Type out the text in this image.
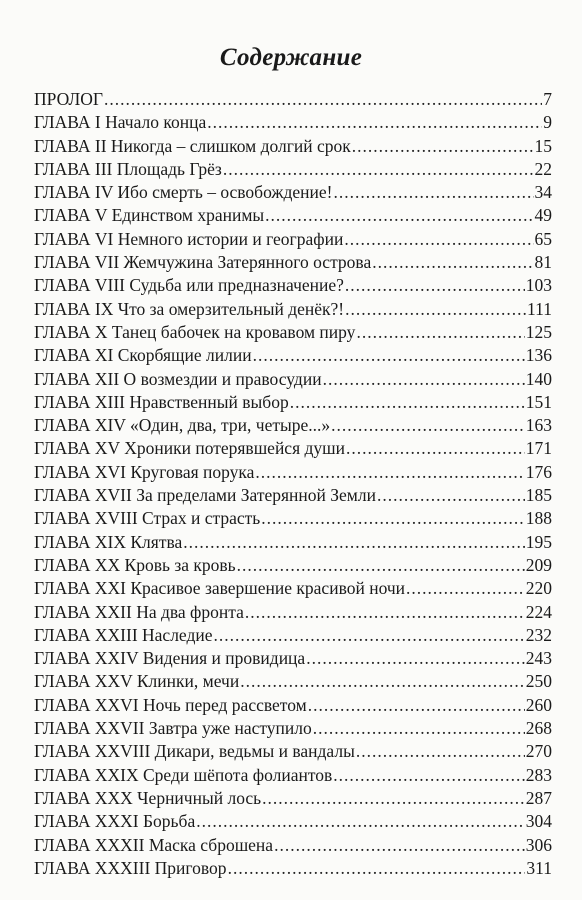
Содержание
ПРОЛОГ .....	7
ГЛАВА I Начало конца .....	9
ГЛАВА II Никогда – слишком долгий срок .....	15
ГЛАВА III Площадь Грёз .....	22
ГЛАВА IV Ибо смерть – освобождение! .....	34
ГЛАВА V Единством хранимы .....	49
ГЛАВА VI Немного истории и географии .....	65
ГЛАВА VII Жемчужина Затерянного острова .....	81
ГЛАВА VIII Судьба или предназначение? .....	103
ГЛАВА IX Что за омерзительный денёк?! .....	111
ГЛАВА X Танец бабочек на кровавом пиру .....	125
ГЛАВА XI Скорбящие лилии .....	136
ГЛАВА XII О возмездии и правосудии .....	140
ГЛАВА XIII Нравственный выбор .....	151
ГЛАВА XIV «Один, два, три, четыре...» .....	163
ГЛАВА XV Хроники потерявшейся души .....	171
ГЛАВА XVI Круговая порука .....	176
ГЛАВА XVII За пределами Затерянной Земли .....	185
ГЛАВА XVIII Страх и страсть .....	188
ГЛАВА XIX Клятва .....	195
ГЛАВА XX Кровь за кровь .....	209
ГЛАВА XXI Красивое завершение красивой ночи .....	220
ГЛАВА XXII На два фронта .....	224
ГЛАВА XXIII Наследие .....	232
ГЛАВА XXIV Видения и провидица .....	243
ГЛАВА XXV Клинки, мечи .....	250
ГЛАВА XXVI Ночь перед рассветом .....	260
ГЛАВА XXVII Завтра уже наступило .....	268
ГЛАВА XXVIII Дикари, ведьмы и вандалы .....	270
ГЛАВА XXIX Среди шёпота фолиантов .....	283
ГЛАВА XXX Черничный лось .....	287
ГЛАВА XXXI Борьба .....	304
ГЛАВА XXXII Маска сброшена .....	306
ГЛАВА XXXIII Приговор .....	311
